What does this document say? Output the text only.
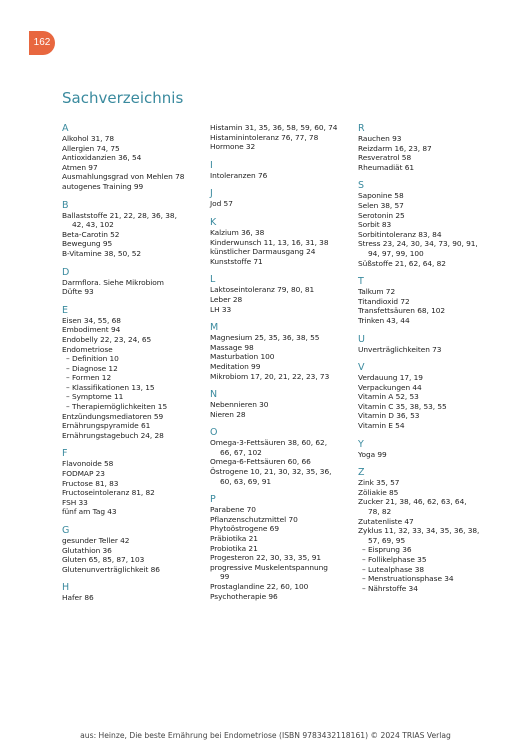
162
Sachverzeichnis
A
Alkohol 31, 78
Allergien 74, 75
Antioxidanzien 36, 54
Atmen 97
Ausmahlungsgrad von Mehlen 78
autogenes Training 99
B
Ballaststoffe 21, 22, 28, 36, 38,
42, 43, 102
Beta-Carotin 52
Bewegung 95
B-Vitamine 38, 50, 52
D
Darmflora. Siehe Mikrobiom
Düfte 93
E
Eisen 34, 55, 68
Embodiment 94
Endobelly 22, 23, 24, 65
Endometriose
– Definition 10
– Diagnose 12
– Formen 12
– Klassifikationen 13, 15
– Symptome 11
– Therapiemöglichkeiten 15
Entzündungsmediatoren 59
Ernährungspyramide 61
Ernährungstagebuch 24, 28
F
Flavonoide 58
FODMAP 23
Fructose 81, 83
Fructoseintoleranz 81, 82
FSH 33
fünf am Tag 43
G
gesunder Teller 42
Glutathion 36
Gluten 65, 85, 87, 103
Glutenunverträglichkeit 86
H
Hafer 86
Histamin 31, 35, 36, 58, 59, 60, 74
Histaminintoleranz 76, 77, 78
Hormone 32
I
Intoleranzen 76
J
Jod 57
K
Kalzium 36, 38
Kinderwunsch 11, 13, 16, 31, 38
künstlicher Darmausgang 24
Kunststoffe 71
L
Laktoseintoleranz 79, 80, 81
Leber 28
LH 33
M
Magnesium 25, 35, 36, 38, 55
Massage 98
Masturbation 100
Meditation 99
Mikrobiom 17, 20, 21, 22, 23, 73
N
Nebennieren 30
Nieren 28
O
Omega-3-Fettsäuren 38, 60, 62,
66, 67, 102
Omega-6-Fettsäuren 60, 66
Östrogene 10, 21, 30, 32, 35, 36,
60, 63, 69, 91
P
Parabene 70
Pflanzenschutzmittel 70
Phytoöstrogene 69
Präbiotika 21
Probiotika 21
Progesteron 22, 30, 33, 35, 91
progressive Muskelentspannung
99
Prostaglandine 22, 60, 100
Psychotherapie 96
R
Rauchen 93
Reizdarm 16, 23, 87
Resveratrol 58
Rheumadiät 61
S
Saponine 58
Selen 38, 57
Serotonin 25
Sorbit 83
Sorbitintoleranz 83, 84
Stress 23, 24, 30, 34, 73, 90, 91,
94, 97, 99, 100
Süßstoffe 21, 62, 64, 82
T
Talkum 72
Titandioxid 72
Transfettsäuren 68, 102
Trinken 43, 44
U
Unverträglichkeiten 73
V
Verdauung 17, 19
Verpackungen 44
Vitamin A 52, 53
Vitamin C 35, 38, 53, 55
Vitamin D 36, 53
Vitamin E 54
Y
Yoga 99
Z
Zink 35, 57
Zöliakie 85
Zucker 21, 38, 46, 62, 63, 64,
78, 82
Zutatenliste 47
Zyklus 11, 32, 33, 34, 35, 36, 38,
57, 69, 95
– Eisprung 36
– Follikelphase 35
– Lutealphase 38
– Menstruationsphase 34
– Nährstoffe 34
aus: Heinze, Die beste Ernährung bei Endometriose (ISBN 9783432118161) © 2024 TRIAS Verlag
